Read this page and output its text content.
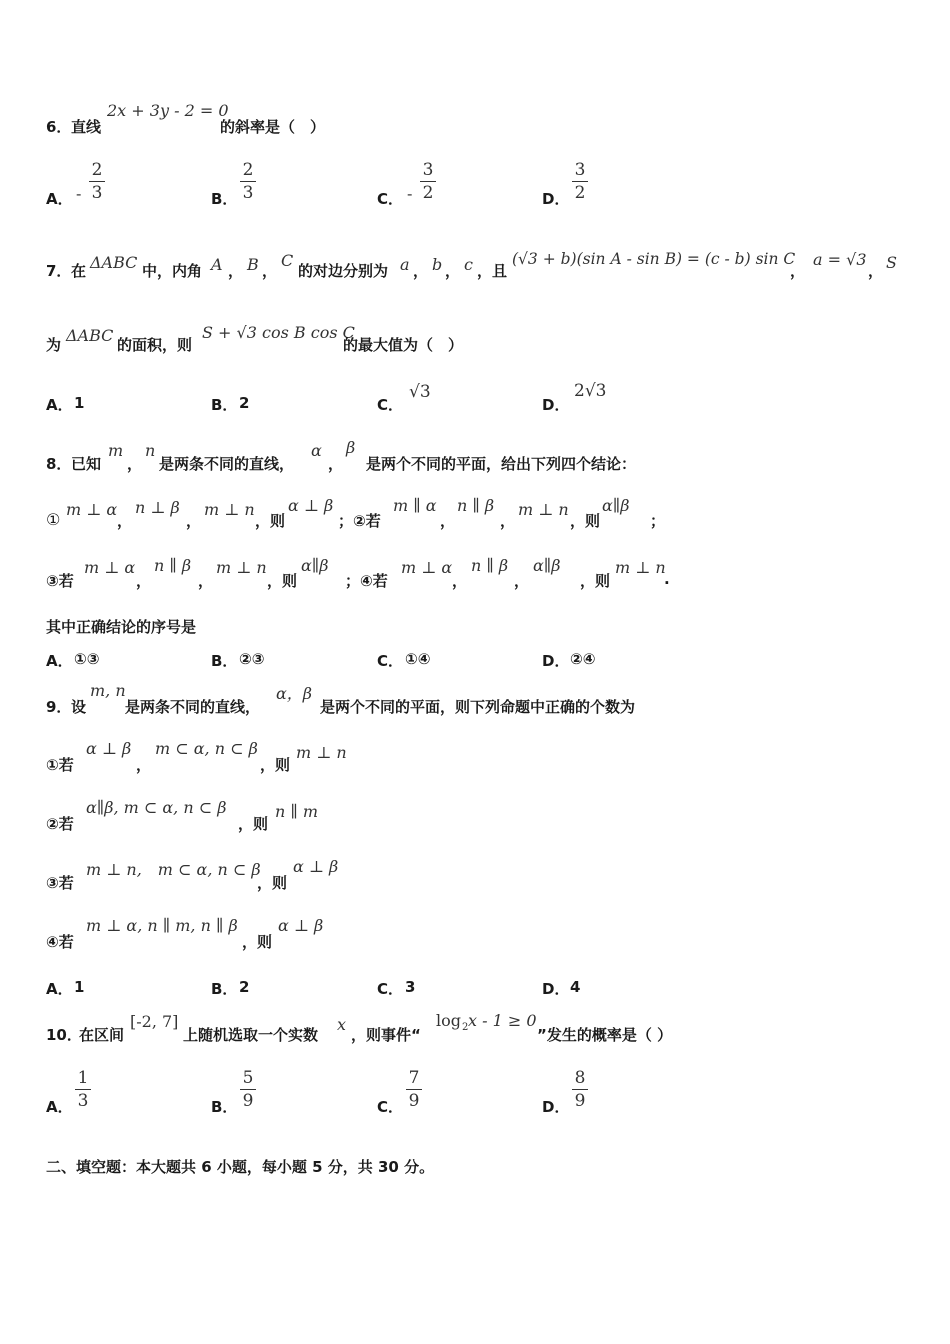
6． 直线
2x + 3y - 2 = 0
的斜率是（　）
A． -
2
3	B．
2
3	C． -
3
2	D．
3
2
7． 在 ΔABC 中，内角 A ， B ，
C
的对边分别为 a ， b ， c ，且
(√3 + b)(sin A - sin B) = (c - b) sin C
，
a = √3
， S
为 ΔABC 的面积，则
S + √3 cos B cos C
的最大值为（　）
A． 1	B． 2	C．
√3
D．
2√3
8． 已知
m
，
n
是两条不同的直线，
α
，
β
是两个不同的平面，给出下列四个结论：
①
m ⊥ α
，
n ⊥ β
，
m ⊥ n
，则
α ⊥ β
；②若
m ∥ α
，
n ∥ β
，
m ⊥ n
，则
α∥β
；
③若
m ⊥ α
，
n ∥ β
，
m ⊥ n
，则
α∥β
；④若
m ⊥ α
，
n ∥ β
，
α∥β
，则
m ⊥ n
.
其中正确结论的序号是
A． ①③	B． ②③	C． ①④	D． ②④
9． 设
m, n
是两条不同的直线，
α，β
是两个不同的平面，则下列命题中正确的个数为
①若
α ⊥ β
，
m ⊂ α, n ⊂ β
，则
m ⊥ n
②若
α∥β, m ⊂ α, n ⊂ β
，则
n ∥ m
③若
m ⊥ n,　m ⊂ α, n ⊂ β
，则
α ⊥ β
④若
m ⊥ α, n ∥ m, n ∥ β
，则
α ⊥ β
A． 1	B． 2	C． 3	D． 4
10．
在区间
[-2, 7]
上随机选取一个实数
x
，则事件“
log 2 x - 1 ≥ 0
”发生的概率是（ ）
A．
1
3	B．
5
9	C．
7
9	D．
8
9
二、填空题：本大题共 6 小题，每小题 5 分，共 30 分。
